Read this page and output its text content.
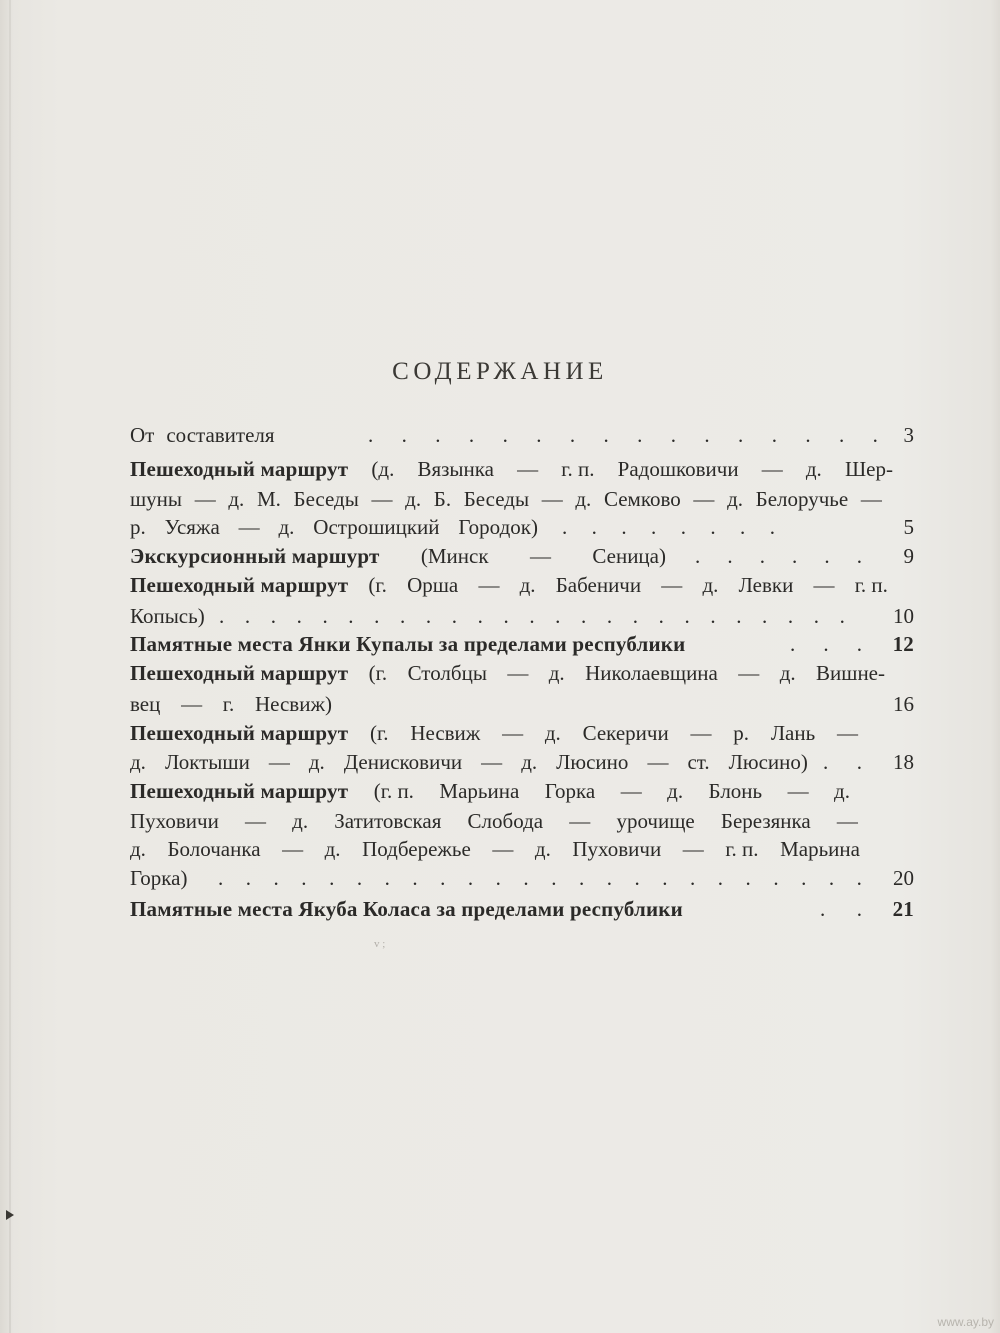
СОДЕРЖАНИЕ
От составителя	. . . . . . . . . . . . . . . . 3
Пешеходный маршрут (д. Вязынка — г. п. Радошковичи — д. Шер-
шуны — д. М. Беседы — д. Б. Беседы — д. Семково — д. Белоручье —
р. Усяжа — д. Острошицкий Городок) . . . . . . . .	5
Экскурсионный маршурт (Минск — Сеница) . . . . . . 9
Пешеходный маршрут (г. Орша — д. Бабеничи — д. Левки — г. п.
Копысь) . . . . . . . . . . . . . . . . . . . . . . . . . 10
Памятные места Янки Купалы за пределами республики	. . . 12
Пешеходный маршрут (г. Столбцы — д. Николаевщина — д. Вишне-
вец — г. Несвиж)	16
Пешеходный маршрут (г. Несвиж — д. Секеричи — р. Лань —
д. Локтыши — д. Денисковичи — д. Люсино — ст. Люсино) . . 18
Пешеходный маршрут (г. п. Марьина Горка — д. Блонь — д.
Пуховичи — д. Затитовская Слобода — урочище Березянка —
д. Болочанка — д. Подбережье — д. Пуховичи — г. п. Марьина
Горка) . . . . . . . . . . . . . . . . . . . . . . . . 20
Памятные места Якуба Коласа за пределами республики	. . 21
v ;
www.ay.by
